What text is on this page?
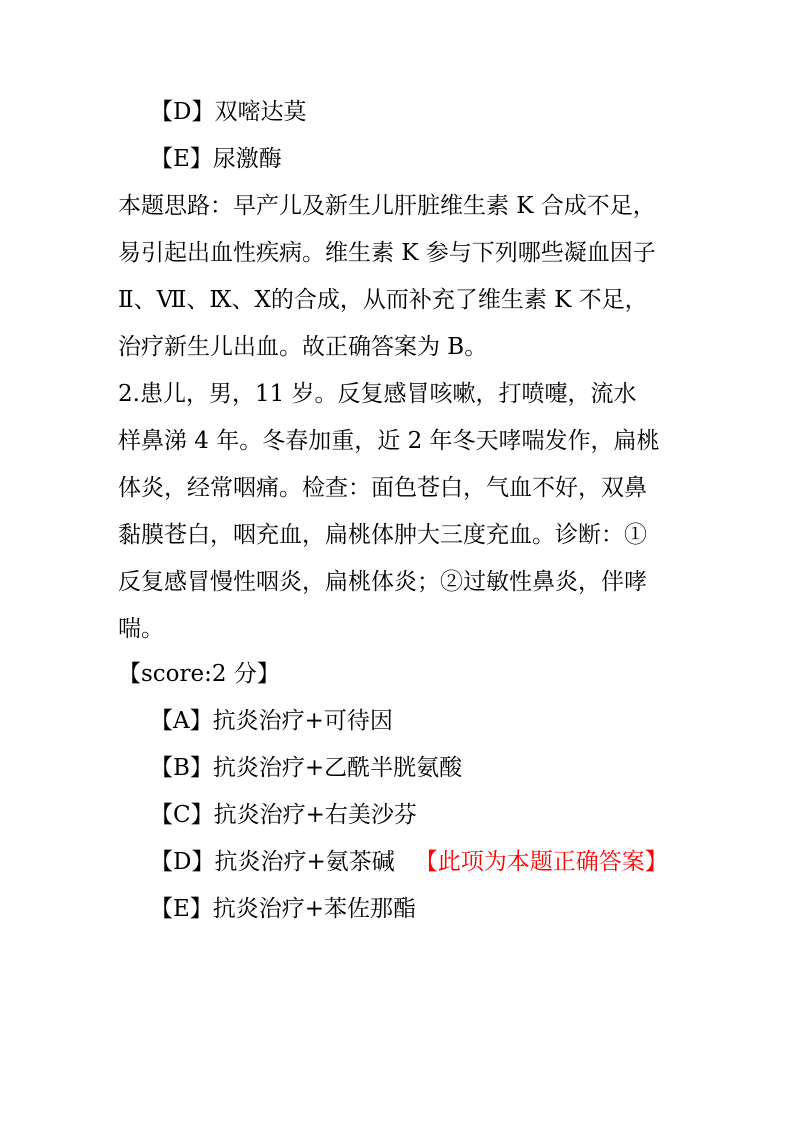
【D】双嘧达莫
【E】尿激酶
本题思路：早产儿及新生儿肝脏维生素 K 合成不足，
易引起出血性疾病。维生素 K 参与下列哪些凝血因子
Ⅱ、Ⅶ、Ⅸ、Ⅹ的合成，从而补充了维生素 K 不足，
治疗新生儿出血。故正确答案为 B。
2.患儿，男，11 岁。反复感冒咳嗽，打喷嚏，流水
样鼻涕 4 年。冬春加重，近 2 年冬天哮喘发作，扁桃
体炎，经常咽痛。检查：面色苍白，气血不好，双鼻
黏膜苍白，咽充血，扁桃体肿大三度充血。诊断：①
反复感冒慢性咽炎，扁桃体炎；②过敏性鼻炎，伴哮
喘。
【score:2 分】
【A】抗炎治疗+可待因
【B】抗炎治疗+乙酰半胱氨酸
【C】抗炎治疗+右美沙芬
【D】抗炎治疗+氨茶碱 【此项为本题正确答案】
【E】抗炎治疗+苯佐那酯
